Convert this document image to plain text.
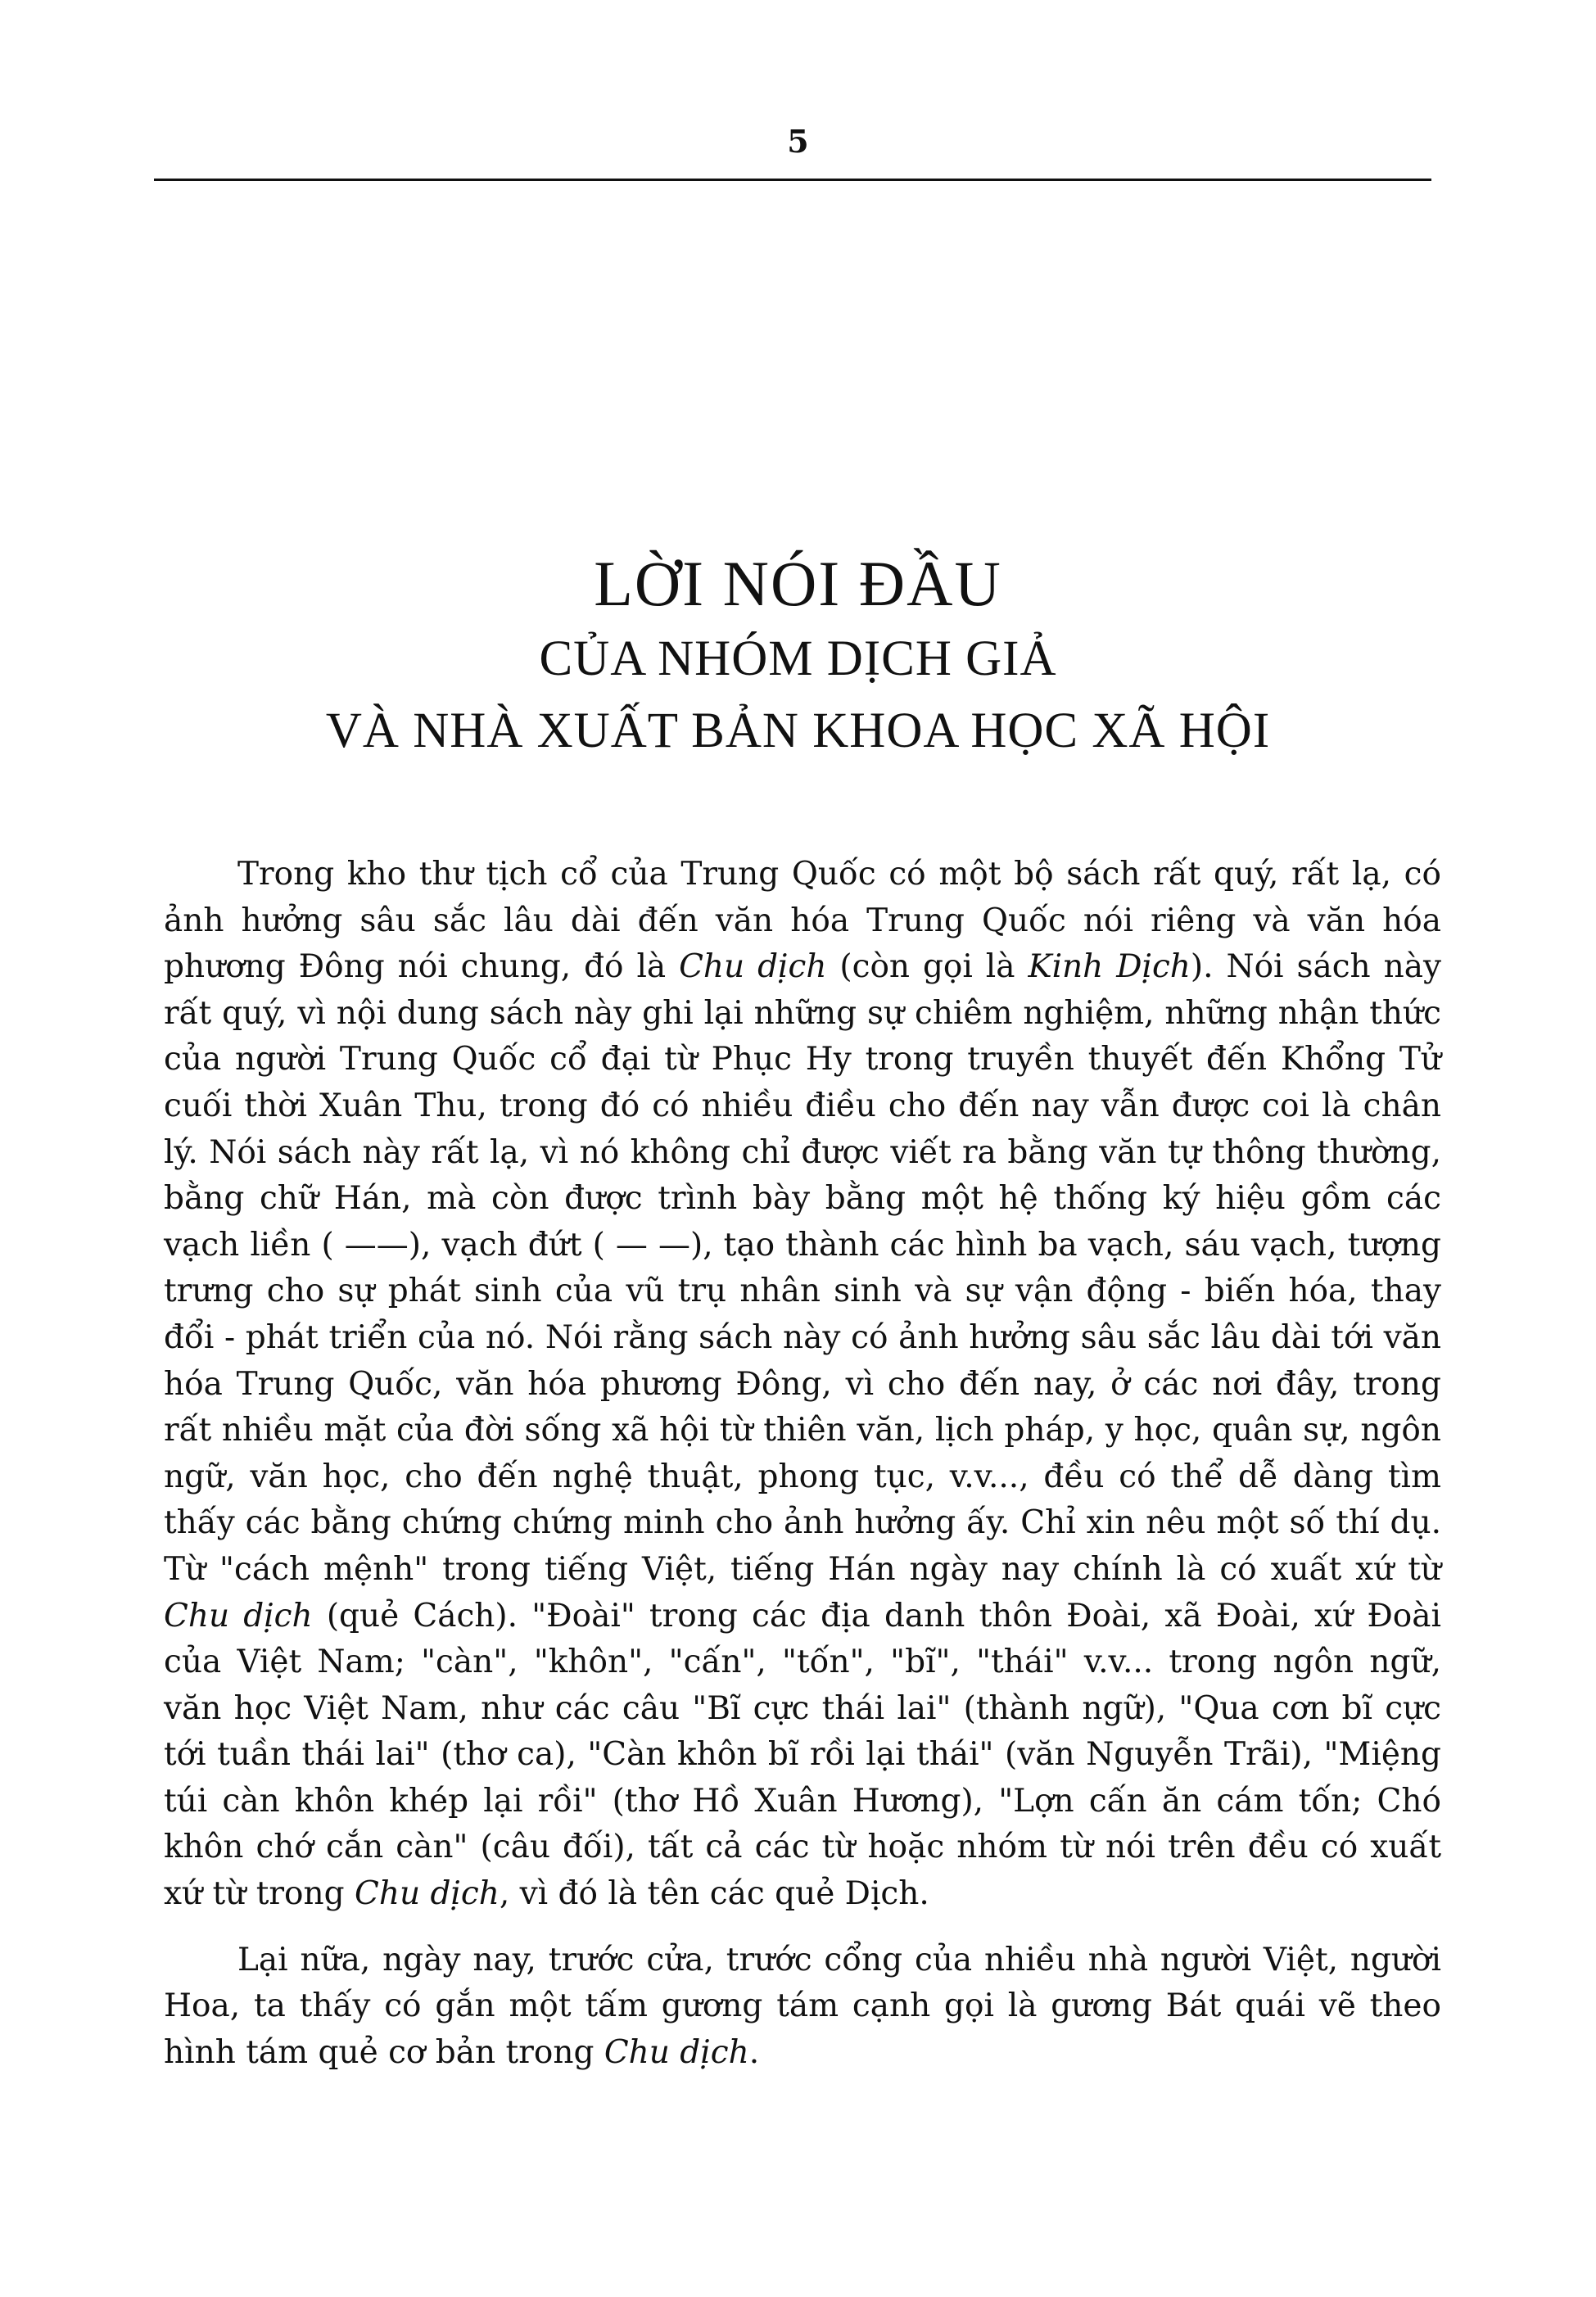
5
LỜI NÓI ĐẦU
CỦA NHÓM DỊCH GIẢ
VÀ NHÀ XUẤT BẢN KHOA HỌC XÃ HỘI

Trong kho thư tịch cổ của Trung Quốc có một bộ sách rất quý, rất lạ, có ảnh hưởng sâu sắc lâu dài đến văn hóa Trung Quốc nói riêng và văn hóa phương Đông nói chung, đó là Chu dịch (còn gọi là Kinh Dịch). Nói sách này rất quý, vì nội dung sách này ghi lại những sự chiêm nghiệm, những nhận thức của người Trung Quốc cổ đại từ Phục Hy trong truyền thuyết đến Khổng Tử cuối thời Xuân Thu, trong đó có nhiều điều cho đến nay vẫn được coi là chân lý. Nói sách này rất lạ, vì nó không chỉ được viết ra bằng văn tự thông thường, bằng chữ Hán, mà còn được trình bày bằng một hệ thống ký hiệu gồm các vạch liền ( ——), vạch đứt ( — —), tạo thành các hình ba vạch, sáu vạch, tượng trưng cho sự phát sinh của vũ trụ nhân sinh và sự vận động - biến hóa, thay đổi - phát triển của nó. Nói rằng sách này có ảnh hưởng sâu sắc lâu dài tới văn hóa Trung Quốc, văn hóa phương Đông, vì cho đến nay, ở các nơi đây, trong rất nhiều mặt của đời sống xã hội từ thiên văn, lịch pháp, y học, quân sự, ngôn ngữ, văn học, cho đến nghệ thuật, phong tục, v.v..., đều có thể dễ dàng tìm thấy các bằng chứng chứng minh cho ảnh hưởng ấy. Chỉ xin nêu một số thí dụ. Từ "cách mệnh" trong tiếng Việt, tiếng Hán ngày nay chính là có xuất xứ từ Chu dịch (quẻ Cách). "Đoài" trong các địa danh thôn Đoài, xã Đoài, xứ Đoài của Việt Nam; "càn", "khôn", "cấn", "tốn", "bĩ", "thái" v.v... trong ngôn ngữ, văn học Việt Nam, như các câu "Bĩ cực thái lai" (thành ngữ), "Qua cơn bĩ cực tới tuần thái lai" (thơ ca), "Càn khôn bĩ rồi lại thái" (văn Nguyễn Trãi), "Miệng túi càn khôn khép lại rồi" (thơ Hồ Xuân Hương), "Lợn cấn ăn cám tốn; Chó khôn chớ cắn càn" (câu đối), tất cả các từ hoặc nhóm từ nói trên đều có xuất xứ từ trong Chu dịch, vì đó là tên các quẻ Dịch.

Lại nữa, ngày nay, trước cửa, trước cổng của nhiều nhà người Việt, người Hoa, ta thấy có gắn một tấm gương tám cạnh gọi là gương Bát quái vẽ theo hình tám quẻ cơ bản trong Chu dịch.
